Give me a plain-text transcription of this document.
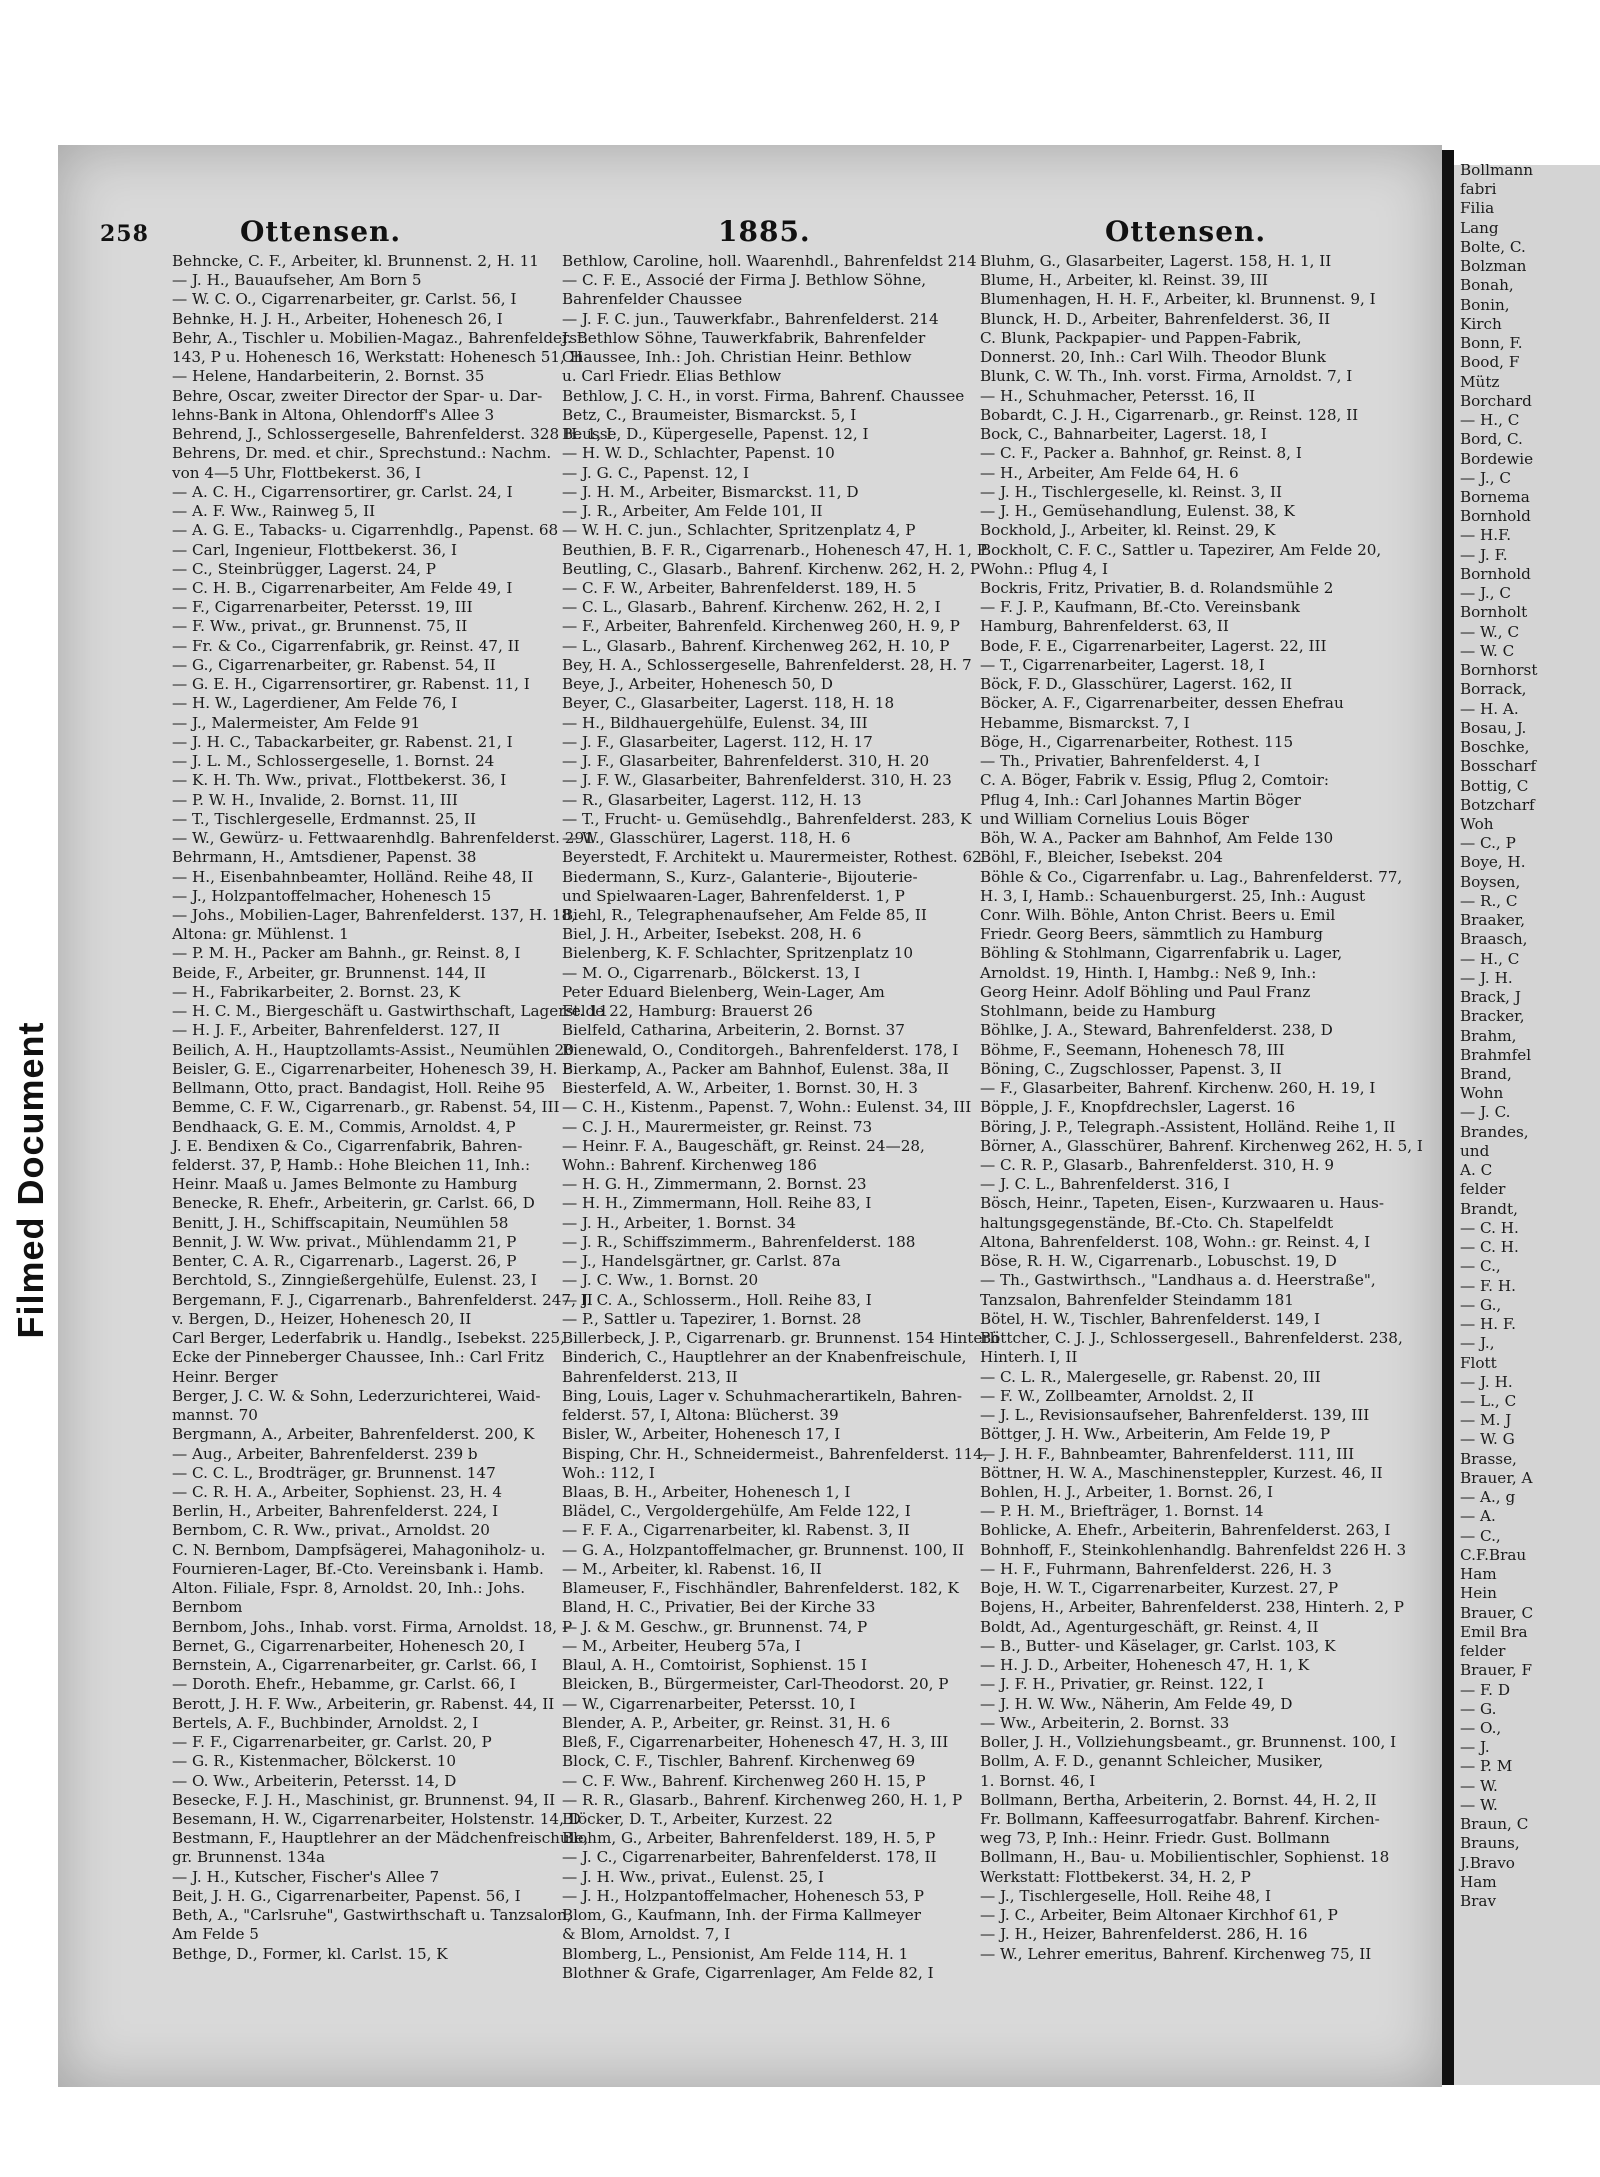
Filmed Document
Bollmann
fabri
Filia
Lang
Bolte, C.
Bolzman
Bonah,
Bonin,
Kirch
Bonn, F.
Bood, F
Mütz
Borchard
— H., C
Bord, C.
Bordewie
— J., C
Bornema
Bornhold
— H.F.
— J. F.
Bornhold
— J., C
Bornholt
— W., C
— W. C
Bornhorst
Borrack,
— H. A.
Bosau, J.
Boschke,
Bosscharf
Bottig, C
Botzcharf
Woh
— C., P
Boye, H.
Boysen,
— R., C
Braaker,
Braasch,
— H., C
— J. H.
Brack, J
Bracker,
Brahm,
Brahmfel
Brand,
Wohn
— J. C.
Brandes,
und
A. C
felder
Brandt,
— C. H.
— C. H.
— C.,
— F. H.
— G.,
— H. F.
— J.,
Flott
— J. H.
— L., C
— M. J
— W. G
Brasse,
Brauer, A
— A., g
— A.
— C.,
C.F.Brau
Ham
Hein
Brauer, C
Emil Bra
felder
Brauer, F
— F. D
— G.
— O.,
— J.
— P. M
— W.
— W.
Braun, C
Brauns,
J.Bravo
Ham
Brav
258	Ottensen.	1885.	Ottensen.
Behncke, C. F., Arbeiter, kl. Brunnenst. 2, H. 11
— J. H., Bauaufseher, Am Born 5
— W. C. O., Cigarrenarbeiter, gr. Carlst. 56, I
Behnke, H. J. H., Arbeiter, Hohenesch 26, I
Behr, A., Tischler u. Mobilien-Magaz., Bahrenfelderst.
143, P u. Hohenesch 16, Werkstatt: Hohenesch 51, H
— Helene, Handarbeiterin, 2. Bornst. 35
Behre, Oscar, zweiter Director der Spar- u. Dar-
lehns-Bank in Altona, Ohlendorff's Allee 3
Behrend, J., Schlossergeselle, Bahrenfelderst. 328 H. 1, I
Behrens, Dr. med. et chir., Sprechstund.: Nachm.
von 4—5 Uhr, Flottbekerst. 36, I
— A. C. H., Cigarrensortirer, gr. Carlst. 24, I
— A. F. Ww., Rainweg 5, II
— A. G. E., Tabacks- u. Cigarrenhdlg., Papenst. 68
— Carl, Ingenieur, Flottbekerst. 36, I
— C., Steinbrügger, Lagerst. 24, P
— C. H. B., Cigarrenarbeiter, Am Felde 49, I
— F., Cigarrenarbeiter, Petersst. 19, III
— F. Ww., privat., gr. Brunnenst. 75, II
— Fr. & Co., Cigarrenfabrik, gr. Reinst. 47, II
— G., Cigarrenarbeiter, gr. Rabenst. 54, II
— G. E. H., Cigarrensortirer, gr. Rabenst. 11, I
— H. W., Lagerdiener, Am Felde 76, I
— J., Malermeister, Am Felde 91
— J. H. C., Tabackarbeiter, gr. Rabenst. 21, I
— J. L. M., Schlossergeselle, 1. Bornst. 24
— K. H. Th. Ww., privat., Flottbekerst. 36, I
— P. W. H., Invalide, 2. Bornst. 11, III
— T., Tischlergeselle, Erdmannst. 25, II
— W., Gewürz- u. Fettwaarenhdlg. Bahrenfelderst. 291
Behrmann, H., Amtsdiener, Papenst. 38
— H., Eisenbahnbeamter, Holländ. Reihe 48, II
— J., Holzpantoffelmacher, Hohenesch 15
— Johs., Mobilien-Lager, Bahrenfelderst. 137, H. 18,
Altona: gr. Mühlenst. 1
— P. M. H., Packer am Bahnh., gr. Reinst. 8, I
Beide, F., Arbeiter, gr. Brunnenst. 144, II
— H., Fabrikarbeiter, 2. Bornst. 23, K
— H. C. M., Biergeschäft u. Gastwirthschaft, Lagerst. 11
— H. J. F., Arbeiter, Bahrenfelderst. 127, II
Beilich, A. H., Hauptzollamts-Assist., Neumühlen 20
Beisler, G. E., Cigarrenarbeiter, Hohenesch 39, H. P
Bellmann, Otto, pract. Bandagist, Holl. Reihe 95
Bemme, C. F. W., Cigarrenarb., gr. Rabenst. 54, III
Bendhaack, G. E. M., Commis, Arnoldst. 4, P
J. E. Bendixen & Co., Cigarrenfabrik, Bahren-
felderst. 37, P, Hamb.: Hohe Bleichen 11, Inh.:
Heinr. Maaß u. James Belmonte zu Hamburg
Benecke, R. Ehefr., Arbeiterin, gr. Carlst. 66, D
Benitt, J. H., Schiffscapitain, Neumühlen 58
Bennit, J. W. Ww. privat., Mühlendamm 21, P
Benter, C. A. R., Cigarrenarb., Lagerst. 26, P
Berchtold, S., Zinngießergehülfe, Eulenst. 23, I
Bergemann, F. J., Cigarrenarb., Bahrenfelderst. 247, II
v. Bergen, D., Heizer, Hohenesch 20, II
Carl Berger, Lederfabrik u. Handlg., Isebekst. 225,
Ecke der Pinneberger Chaussee, Inh.: Carl Fritz
Heinr. Berger
Berger, J. C. W. & Sohn, Lederzurichterei, Waid-
mannst. 70
Bergmann, A., Arbeiter, Bahrenfelderst. 200, K
— Aug., Arbeiter, Bahrenfelderst. 239 b
— C. C. L., Brodträger, gr. Brunnenst. 147
— C. R. H. A., Arbeiter, Sophienst. 23, H. 4
Berlin, H., Arbeiter, Bahrenfelderst. 224, I
Bernbom, C. R. Ww., privat., Arnoldst. 20
C. N. Bernbom, Dampfsägerei, Mahagoniholz- u.
Fournieren-Lager, Bf.-Cto. Vereinsbank i. Hamb.
Alton. Filiale, Fspr. 8, Arnoldst. 20, Inh.: Johs.
Bernbom
Bernbom, Johs., Inhab. vorst. Firma, Arnoldst. 18, P
Bernet, G., Cigarrenarbeiter, Hohenesch 20, I
Bernstein, A., Cigarrenarbeiter, gr. Carlst. 66, I
— Doroth. Ehefr., Hebamme, gr. Carlst. 66, I
Berott, J. H. F. Ww., Arbeiterin, gr. Rabenst. 44, II
Bertels, A. F., Buchbinder, Arnoldst. 2, I
— F. F., Cigarrenarbeiter, gr. Carlst. 20, P
— G. R., Kistenmacher, Bölckerst. 10
— O. Ww., Arbeiterin, Petersst. 14, D
Besecke, F. J. H., Maschinist, gr. Brunnenst. 94, II
Besemann, H. W., Cigarrenarbeiter, Holstenstr. 14, D
Bestmann, F., Hauptlehrer an der Mädchenfreischule,
gr. Brunnenst. 134a
— J. H., Kutscher, Fischer's Allee 7
Beit, J. H. G., Cigarrenarbeiter, Papenst. 56, I
Beth, A., "Carlsruhe", Gastwirthschaft u. Tanzsalon,
Am Felde 5
Bethge, D., Former, kl. Carlst. 15, K
Bethlow, Caroline, holl. Waarenhdl., Bahrenfeldst 214
— C. F. E., Associé der Firma J. Bethlow Söhne,
Bahrenfelder Chaussee
— J. F. C. jun., Tauwerkfabr., Bahrenfelderst. 214
J. Bethlow Söhne, Tauwerkfabrik, Bahrenfelder
Chaussee, Inh.: Joh. Christian Heinr. Bethlow
u. Carl Friedr. Elias Bethlow
Bethlow, J. C. H., in vorst. Firma, Bahrenf. Chaussee
Betz, C., Braumeister, Bismarckst. 5, I
Beusse, D., Küpergeselle, Papenst. 12, I
— H. W. D., Schlachter, Papenst. 10
— J. G. C., Papenst. 12, I
— J. H. M., Arbeiter, Bismarckst. 11, D
— J. R., Arbeiter, Am Felde 101, II
— W. H. C. jun., Schlachter, Spritzenplatz 4, P
Beuthien, B. F. R., Cigarrenarb., Hohenesch 47, H. 1, P
Beutling, C., Glasarb., Bahrenf. Kirchenw. 262, H. 2, P
— C. F. W., Arbeiter, Bahrenfelderst. 189, H. 5
— C. L., Glasarb., Bahrenf. Kirchenw. 262, H. 2, I
— F., Arbeiter, Bahrenfeld. Kirchenweg 260, H. 9, P
— L., Glasarb., Bahrenf. Kirchenweg 262, H. 10, P
Bey, H. A., Schlossergeselle, Bahrenfelderst. 28, H. 7
Beye, J., Arbeiter, Hohenesch 50, D
Beyer, C., Glasarbeiter, Lagerst. 118, H. 18
— H., Bildhauergehülfe, Eulenst. 34, III
— J. F., Glasarbeiter, Lagerst. 112, H. 17
— J. F., Glasarbeiter, Bahrenfelderst. 310, H. 20
— J. F. W., Glasarbeiter, Bahrenfelderst. 310, H. 23
— R., Glasarbeiter, Lagerst. 112, H. 13
— T., Frucht- u. Gemüsehdlg., Bahrenfelderst. 283, K
— W., Glasschürer, Lagerst. 118, H. 6
Beyerstedt, F. Architekt u. Maurermeister, Rothest. 62
Biedermann, S., Kurz-, Galanterie-, Bijouterie-
und Spielwaaren-Lager, Bahrenfelderst. 1, P
Biehl, R., Telegraphenaufseher, Am Felde 85, II
Biel, J. H., Arbeiter, Isebekst. 208, H. 6
Bielenberg, K. F. Schlachter, Spritzenplatz 10
— M. O., Cigarrenarb., Bölckerst. 13, I
Peter Eduard Bielenberg, Wein-Lager, Am
Felde 22, Hamburg: Brauerst 26
Bielfeld, Catharina, Arbeiterin, 2. Bornst. 37
Bienewald, O., Conditorgeh., Bahrenfelderst. 178, I
Bierkamp, A., Packer am Bahnhof, Eulenst. 38a, II
Biesterfeld, A. W., Arbeiter, 1. Bornst. 30, H. 3
— C. H., Kistenm., Papenst. 7, Wohn.: Eulenst. 34, III
— C. J. H., Maurermeister, gr. Reinst. 73
— Heinr. F. A., Baugeschäft, gr. Reinst. 24—28,
Wohn.: Bahrenf. Kirchenweg 186
— H. G. H., Zimmermann, 2. Bornst. 23
— H. H., Zimmermann, Holl. Reihe 83, I
— J. H., Arbeiter, 1. Bornst. 34
— J. R., Schiffszimmerm., Bahrenfelderst. 188
— J., Handelsgärtner, gr. Carlst. 87a
— J. C. Ww., 1. Bornst. 20
— J. C. A., Schlosserm., Holl. Reihe 83, I
— P., Sattler u. Tapezirer, 1. Bornst. 28
Billerbeck, J. P., Cigarrenarb. gr. Brunnenst. 154 Hinterh
Binderich, C., Hauptlehrer an der Knabenfreischule,
Bahrenfelderst. 213, II
Bing, Louis, Lager v. Schuhmacherartikeln, Bahren-
felderst. 57, I, Altona: Blücherst. 39
Bisler, W., Arbeiter, Hohenesch 17, I
Bisping, Chr. H., Schneidermeist., Bahrenfelderst. 114,
Woh.: 112, I
Blaas, B. H., Arbeiter, Hohenesch 1, I
Blädel, C., Vergoldergehülfe, Am Felde 122, I
— F. F. A., Cigarrenarbeiter, kl. Rabenst. 3, II
— G. A., Holzpantoffelmacher, gr. Brunnenst. 100, II
— M., Arbeiter, kl. Rabenst. 16, II
Blameuser, F., Fischhändler, Bahrenfelderst. 182, K
Bland, H. C., Privatier, Bei der Kirche 33
— J. & M. Geschw., gr. Brunnenst. 74, P
— M., Arbeiter, Heuberg 57a, I
Blaul, A. H., Comtoirist, Sophienst. 15 I
Bleicken, B., Bürgermeister, Carl-Theodorst. 20, P
— W., Cigarrenarbeiter, Petersst. 10, I
Blender, A. P., Arbeiter, gr. Reinst. 31, H. 6
Bleß, F., Cigarrenarbeiter, Hohenesch 47, H. 3, III
Block, C. F., Tischler, Bahrenf. Kirchenweg 69
— C. F. Ww., Bahrenf. Kirchenweg 260 H. 15, P
— R. R., Glasarb., Bahrenf. Kirchenweg 260, H. 1, P
Blöcker, D. T., Arbeiter, Kurzest. 22
Blohm, G., Arbeiter, Bahrenfelderst. 189, H. 5, P
— J. C., Cigarrenarbeiter, Bahrenfelderst. 178, II
— J. H. Ww., privat., Eulenst. 25, I
— J. H., Holzpantoffelmacher, Hohenesch 53, P
Blom, G., Kaufmann, Inh. der Firma Kallmeyer
& Blom, Arnoldst. 7, I
Blomberg, L., Pensionist, Am Felde 114, H. 1
Blothner & Grafe, Cigarrenlager, Am Felde 82, I
Bluhm, G., Glasarbeiter, Lagerst. 158, H. 1, II
Blume, H., Arbeiter, kl. Reinst. 39, III
Blumenhagen, H. H. F., Arbeiter, kl. Brunnenst. 9, I
Blunck, H. D., Arbeiter, Bahrenfelderst. 36, II
C. Blunk, Packpapier- und Pappen-Fabrik,
Donnerst. 20, Inh.: Carl Wilh. Theodor Blunk
Blunk, C. W. Th., Inh. vorst. Firma, Arnoldst. 7, I
— H., Schuhmacher, Petersst. 16, II
Bobardt, C. J. H., Cigarrenarb., gr. Reinst. 128, II
Bock, C., Bahnarbeiter, Lagerst. 18, I
— C. F., Packer a. Bahnhof, gr. Reinst. 8, I
— H., Arbeiter, Am Felde 64, H. 6
— J. H., Tischlergeselle, kl. Reinst. 3, II
— J. H., Gemüsehandlung, Eulenst. 38, K
Bockhold, J., Arbeiter, kl. Reinst. 29, K
Bockholt, C. F. C., Sattler u. Tapezirer, Am Felde 20,
Wohn.: Pflug 4, I
Bockris, Fritz, Privatier, B. d. Rolandsmühle 2
— F. J. P., Kaufmann, Bf.-Cto. Vereinsbank
Hamburg, Bahrenfelderst. 63, II
Bode, F. E., Cigarrenarbeiter, Lagerst. 22, III
— T., Cigarrenarbeiter, Lagerst. 18, I
Böck, F. D., Glasschürer, Lagerst. 162, II
Böcker, A. F., Cigarrenarbeiter, dessen Ehefrau
Hebamme, Bismarckst. 7, I
Böge, H., Cigarrenarbeiter, Rothest. 115
— Th., Privatier, Bahrenfelderst. 4, I
C. A. Böger, Fabrik v. Essig, Pflug 2, Comtoir:
Pflug 4, Inh.: Carl Johannes Martin Böger
und William Cornelius Louis Böger
Böh, W. A., Packer am Bahnhof, Am Felde 130
Böhl, F., Bleicher, Isebekst. 204
Böhle & Co., Cigarrenfabr. u. Lag., Bahrenfelderst. 77,
H. 3, I, Hamb.: Schauenburgerst. 25, Inh.: August
Conr. Wilh. Böhle, Anton Christ. Beers u. Emil
Friedr. Georg Beers, sämmtlich zu Hamburg
Böhling & Stohlmann, Cigarrenfabrik u. Lager,
Arnoldst. 19, Hinth. I, Hambg.: Neß 9, Inh.:
Georg Heinr. Adolf Böhling und Paul Franz
Stohlmann, beide zu Hamburg
Böhlke, J. A., Steward, Bahrenfelderst. 238, D
Böhme, F., Seemann, Hohenesch 78, III
Böning, C., Zugschlosser, Papenst. 3, II
— F., Glasarbeiter, Bahrenf. Kirchenw. 260, H. 19, I
Böpple, J. F., Knopfdrechsler, Lagerst. 16
Böring, J. P., Telegraph.-Assistent, Holländ. Reihe 1, II
Börner, A., Glasschürer, Bahrenf. Kirchenweg 262, H. 5, I
— C. R. P., Glasarb., Bahrenfelderst. 310, H. 9
— J. C. L., Bahrenfelderst. 316, I
Bösch, Heinr., Tapeten, Eisen-, Kurzwaaren u. Haus-
haltungsgegenstände, Bf.-Cto. Ch. Stapelfeldt
Altona, Bahrenfelderst. 108, Wohn.: gr. Reinst. 4, I
Böse, R. H. W., Cigarrenarb., Lobuschst. 19, D
— Th., Gastwirthsch., "Landhaus a. d. Heerstraße",
Tanzsalon, Bahrenfelder Steindamm 181
Bötel, H. W., Tischler, Bahrenfelderst. 149, I
Böttcher, C. J. J., Schlossergesell., Bahrenfelderst. 238,
Hinterh. I, II
— C. L. R., Malergeselle, gr. Rabenst. 20, III
— F. W., Zollbeamter, Arnoldst. 2, II
— J. L., Revisionsaufseher, Bahrenfelderst. 139, III
Böttger, J. H. Ww., Arbeiterin, Am Felde 19, P
— J. H. F., Bahnbeamter, Bahrenfelderst. 111, III
Böttner, H. W. A., Maschinensteppler, Kurzest. 46, II
Bohlen, H. J., Arbeiter, 1. Bornst. 26, I
— P. H. M., Briefträger, 1. Bornst. 14
Bohlicke, A. Ehefr., Arbeiterin, Bahrenfelderst. 263, I
Bohnhoff, F., Steinkohlenhandlg. Bahrenfeldst 226 H. 3
— H. F., Fuhrmann, Bahrenfelderst. 226, H. 3
Boje, H. W. T., Cigarrenarbeiter, Kurzest. 27, P
Bojens, H., Arbeiter, Bahrenfelderst. 238, Hinterh. 2, P
Boldt, Ad., Agenturgeschäft, gr. Reinst. 4, II
— B., Butter- und Käselager, gr. Carlst. 103, K
— H. J. D., Arbeiter, Hohenesch 47, H. 1, K
— J. F. H., Privatier, gr. Reinst. 122, I
— J. H. W. Ww., Näherin, Am Felde 49, D
— Ww., Arbeiterin, 2. Bornst. 33
Boller, J. H., Vollziehungsbeamt., gr. Brunnenst. 100, I
Bollm, A. F. D., genannt Schleicher, Musiker,
1. Bornst. 46, I
Bollmann, Bertha, Arbeiterin, 2. Bornst. 44, H. 2, II
Fr. Bollmann, Kaffeesurrogatfabr. Bahrenf. Kirchen-
weg 73, P, Inh.: Heinr. Friedr. Gust. Bollmann
Bollmann, H., Bau- u. Mobilientischler, Sophienst. 18
Werkstatt: Flottbekerst. 34, H. 2, P
— J., Tischlergeselle, Holl. Reihe 48, I
— J. C., Arbeiter, Beim Altonaer Kirchhof 61, P
— J. H., Heizer, Bahrenfelderst. 286, H. 16
— W., Lehrer emeritus, Bahrenf. Kirchenweg 75, II
